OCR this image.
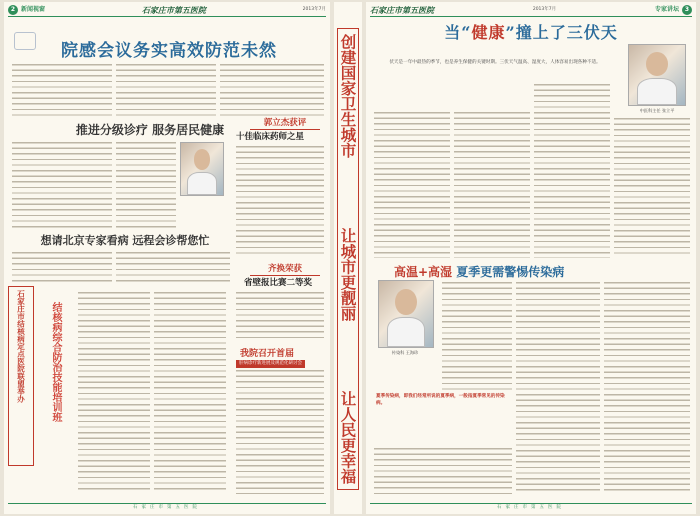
2 新闻视窗	石家庄市第五医院	2013年7月
院感会议务实高效防范未然
推进分级诊疗 服务居民健康	郭立杰获评
十佳临床药师之星
想请北京专家看病 远程会诊帮您忙
齐换荣获
省壁报比赛二等奖
石家庄市结核病定点医院联盟举办 结核病综合防治技能培训班	我院召开首届
肝病诊疗新进展及规范化研讨会
石家庄市第五医院
创建国家卫生城市
让城市更靓丽
让人民更幸福
石家庄市第五医院	2013年7月	专家讲坛 3
当“健康”撞上了三伏天
伏天是一年中最热的季节，也是养生保健的关键时期。三伏天气温高、湿度大，人体容易出现各种不适。
中医科主任 张立平
高温+高湿 夏季更需警惕传染病
传染科 王海珍
夏季传染病，即我们经常所说的夏季病，一般指夏季常见的传染病。
石家庄市第五医院
